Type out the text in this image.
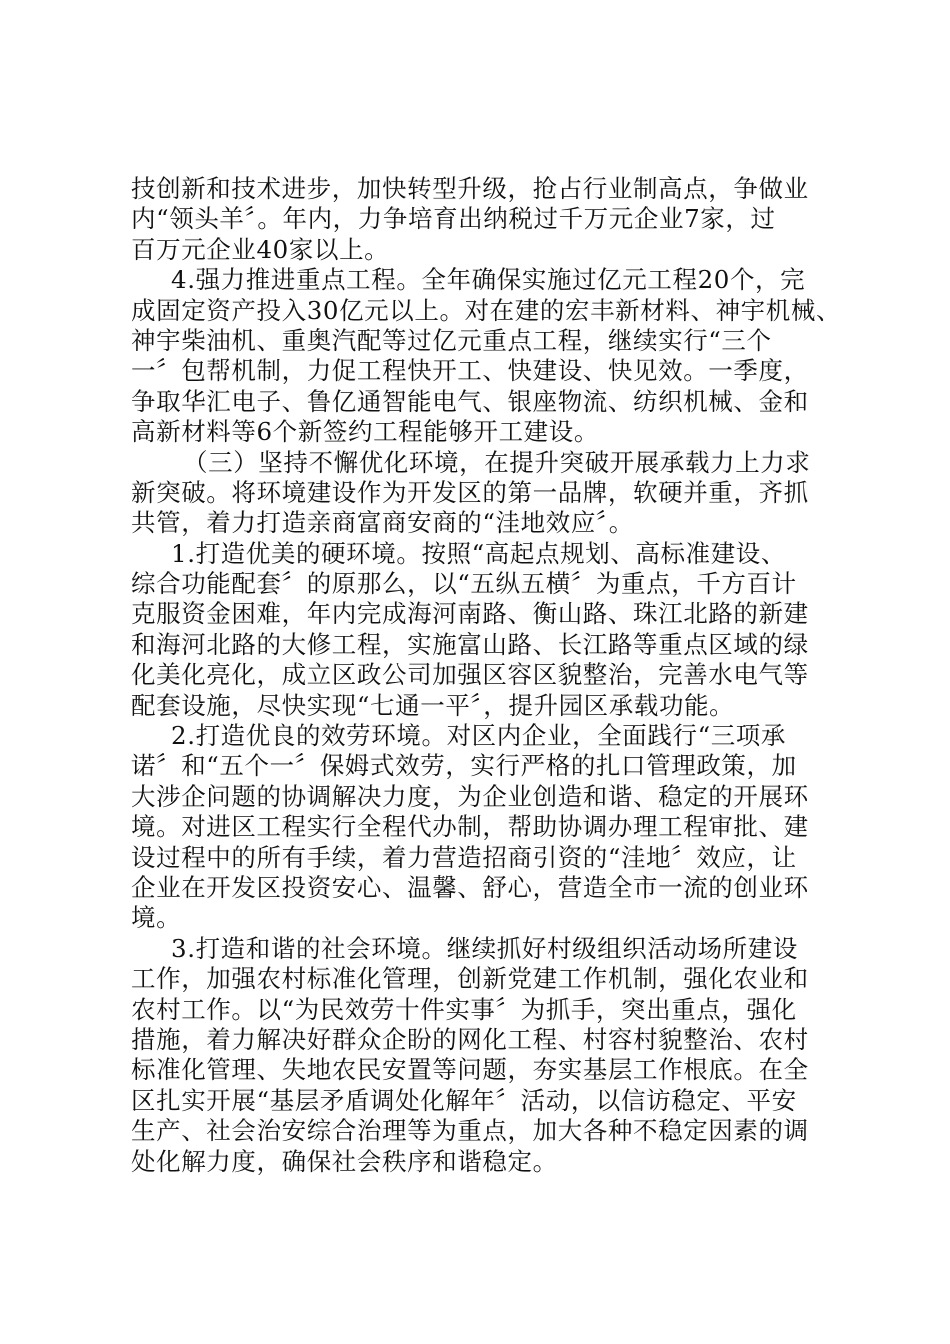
技创新和技术进步，加快转型升级，抢占行业制高点，争做业
内“领头羊〞。年内，力争培育出纳税过千万元企业7家，过
百万元企业40家以上。
4.强力推进重点工程。全年确保实施过亿元工程20个，完
成固定资产投入30亿元以上。对在建的宏丰新材料、神宇机械、
神宇柴油机、重奥汽配等过亿元重点工程，继续实行“三个
一〞包帮机制，力促工程快开工、快建设、快见效。一季度，
争取华汇电子、鲁亿通智能电气、银座物流、纺织机械、金和
高新材料等6个新签约工程能够开工建设。
（三）坚持不懈优化环境，在提升突破开展承载力上力求
新突破。将环境建设作为开发区的第一品牌，软硬并重，齐抓
共管，着力打造亲商富商安商的“洼地效应〞。
1.打造优美的硬环境。按照“高起点规划、高标准建设、
综合功能配套〞的原那么，以“五纵五横〞为重点，千方百计
克服资金困难，年内完成海河南路、衡山路、珠江北路的新建
和海河北路的大修工程，实施富山路、长江路等重点区域的绿
化美化亮化，成立区政公司加强区容区貌整治，完善水电气等
配套设施，尽快实现“七通一平〞，提升园区承载功能。
2.打造优良的效劳环境。对区内企业，全面践行“三项承
诺〞和“五个一〞保姆式效劳，实行严格的扎口管理政策，加
大涉企问题的协调解决力度，为企业创造和谐、稳定的开展环
境。对进区工程实行全程代办制，帮助协调办理工程审批、建
设过程中的所有手续，着力营造招商引资的“洼地〞效应，让
企业在开发区投资安心、温馨、舒心，营造全市一流的创业环
境。
3.打造和谐的社会环境。继续抓好村级组织活动场所建设
工作，加强农村标准化管理，创新党建工作机制，强化农业和
农村工作。以“为民效劳十件实事〞为抓手，突出重点，强化
措施，着力解决好群众企盼的网化工程、村容村貌整治、农村
标准化管理、失地农民安置等问题，夯实基层工作根底。在全
区扎实开展“基层矛盾调处化解年〞活动，以信访稳定、平安
生产、社会治安综合治理等为重点，加大各种不稳定因素的调
处化解力度，确保社会秩序和谐稳定。
